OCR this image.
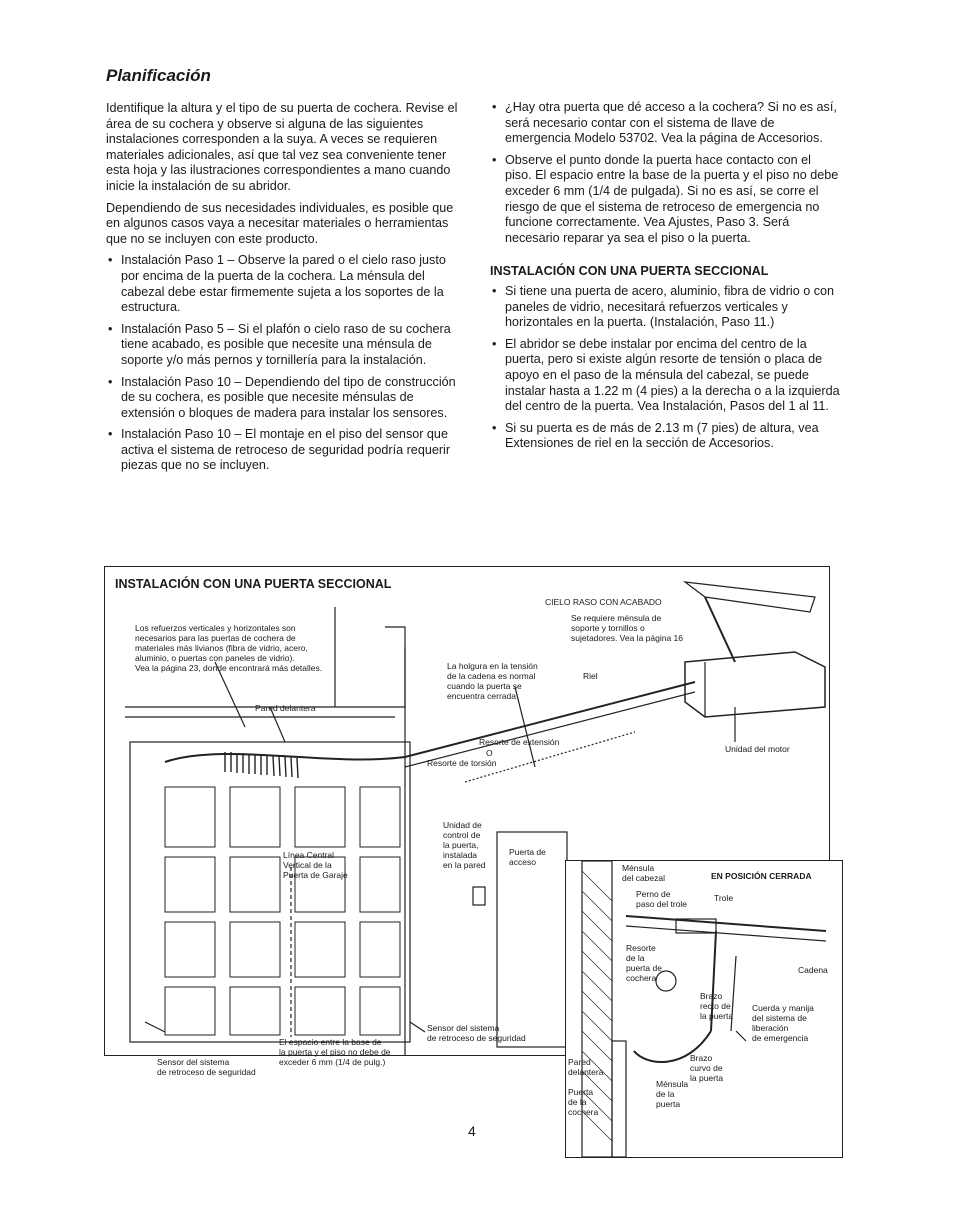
Planificación

Identifique la altura y el tipo de su puerta de cochera. Revise el área de su cochera y observe si alguna de las siguientes instalaciones corresponden a la suya. A veces se requieren materiales adicionales, así que tal vez sea conveniente tener esta hoja y las ilustraciones correspondientes a mano cuando inicie la instalación de su abridor.

Dependiendo de sus necesidades individuales, es posible que en algunos casos vaya a necesitar materiales o herramientas que no se incluyen con este producto.

• Instalación Paso 1 – Observe la pared o el cielo raso justo por encima de la puerta de la cochera. La ménsula del cabezal debe estar firmemente sujeta a los soportes de la estructura.
• Instalación Paso 5 – Si el plafón o cielo raso de su cochera tiene acabado, es posible que necesite una ménsula de soporte y/o más pernos y tornillería para la instalación.
• Instalación Paso 10 – Dependiendo del tipo de construcción de su cochera, es posible que necesite ménsulas de extensión o bloques de madera para instalar los sensores.
• Instalación Paso 10 – El montaje en el piso del sensor que activa el sistema de retroceso de seguridad podría requerir piezas que no se incluyen.
• ¿Hay otra puerta que dé acceso a la cochera? Si no es así, será necesario contar con el sistema de llave de emergencia Modelo 53702. Vea la página de Accesorios.
• Observe el punto donde la puerta hace contacto con el piso. El espacio entre la base de la puerta y el piso no debe exceder 6 mm (1/4 de pulgada). Si no es así, se corre el riesgo de que el sistema de retroceso de emergencia no funcione correctamente. Vea Ajustes, Paso 3. Será necesario reparar ya sea el piso o la puerta.
INSTALACIÓN CON UNA PUERTA SECCIONAL
• Si tiene una puerta de acero, aluminio, fibra de vidrio o con paneles de vidrio, necesitará refuerzos verticales y horizontales en la puerta. (Instalación, Paso 11.)
• El abridor se debe instalar por encima del centro de la puerta, pero si existe algún resorte de tensión o placa de apoyo en el paso de la ménsula del cabezal, se puede instalar hasta a 1.22 m (4 pies) a la derecha o a la izquierda del centro de la puerta. Vea Instalación, Pasos del 1 al 11.
• Si su puerta es de más de 2.13 m (7 pies) de altura, vea Extensiones de riel en la sección de Accesorios.
INSTALACIÓN CON UNA PUERTA SECCIONAL
Los refuerzos verticales y horizontales son
necesarios para las puertas de cochera de
materiales más livianos (fibra de vidrio, acero,
aluminio, o puertas con paneles de vidrio).
Vea la página 23, donde encontrará más detalles.
Pared delantera
CIELO RASO CON ACABADO
Se requiere ménsula de
soporte y tornillos o
sujetadores. Vea la página 16
La holgura en la tensión
de la cadena es normal
cuando la puerta se
encuentra cerrada
Riel
Resorte de extensión
O
Resorte de torsión
Unidad del motor
Unidad de
control de
la puerta,
instalada
en la pared
Puerta de
acceso
Línea Central
Vertical de la
Puerta de Garaje
El espacio entre la base de
la puerta y el piso no debe de
exceder 6 mm (1/4 de pulg.)
Sensor del sistema
de retroceso de seguridad
Sensor del sistema
de retroceso de seguridad
EN POSICIÓN CERRADA
Ménsula
del cabezal
Perno de
paso del trole
Trole
Resorte
de la
puerta de
cochera
Cadena
Brazo
recto de
la puerta
Cuerda y manija
del sistema de
liberación
de emergencia
Brazo
curvo de
la puerta
Pared
delantera
Ménsula
de la
puerta
Puerta
de la
cochera
4
